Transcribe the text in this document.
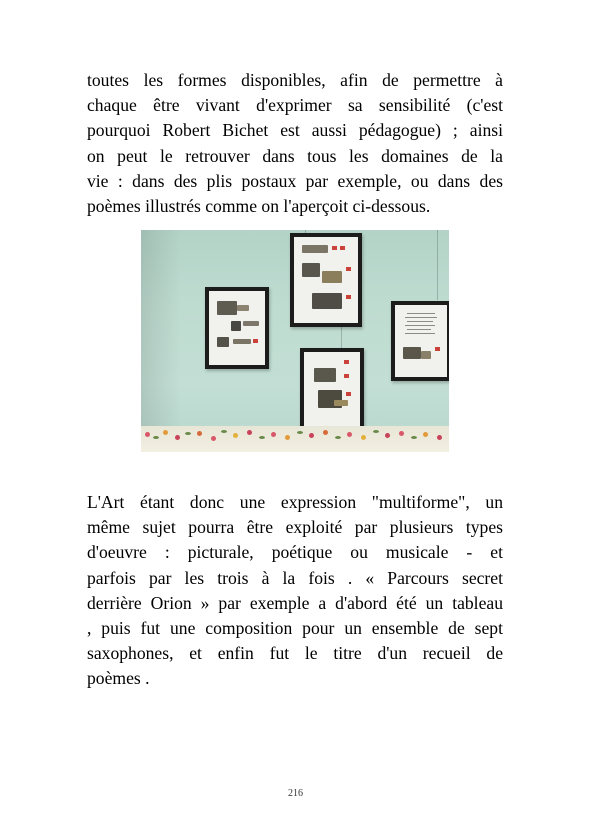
toutes les formes disponibles, afin de permettre à
chaque être vivant d'exprimer sa sensibilité (c'est
pourquoi Robert Bichet est aussi pédagogue) ; ainsi
on peut le retrouver dans tous les domaines de la
vie : dans des plis postaux par exemple, ou dans des
poèmes illustrés comme on l'aperçoit ci-dessous.

L'Art étant donc une expression "multiforme", un
même sujet pourra être exploité par plusieurs types
d'oeuvre : picturale, poétique ou musicale - et
parfois par les trois à la fois . « Parcours secret
derrière Orion » par exemple a d'abord été un tableau
, puis fut une composition pour un ensemble de sept
saxophones, et enfin fut le titre d'un recueil de
poèmes .

216
